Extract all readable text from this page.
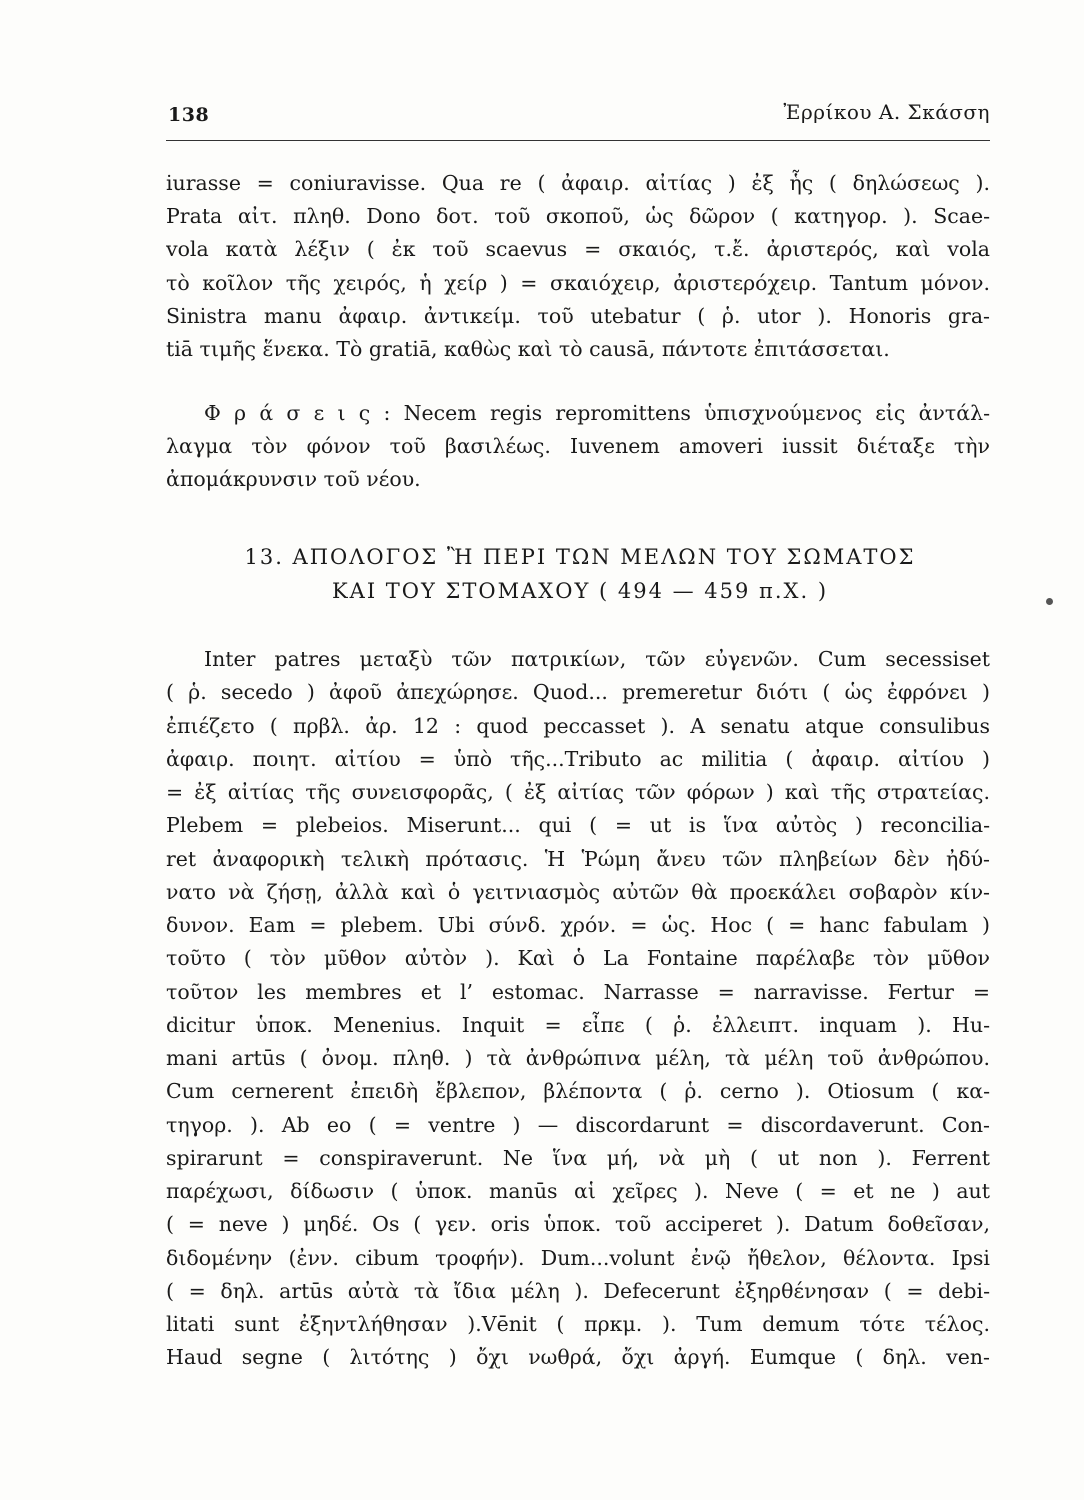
138	Ἐρρίκου Α. Σκάσση
iurasse = coniuravisse. Qua re ( ἀφαιρ. αἰτίας ) ἐξ ἧς ( δηλώσεως ).
Prata αἰτ. πληθ. Dono δοτ. τοῦ σκοποῦ, ὡς δῶρον ( κατηγορ. ). Scae-
vola κατὰ λέξιν ( ἐκ τοῦ scaevus = σκαιός, τ.ἔ. ἀριστερός, καὶ vola
τὸ κοῖλον τῆς χειρός, ἡ χείρ ) = σκαιόχειρ, ἀριστερόχειρ. Tantum μόνον.
Sinistra manu ἀφαιρ. ἀντικείμ. τοῦ utebatur ( ῥ. utor ). Honoris gra-
tiā τιμῆς ἕνεκα. Τὸ gratiā, καθὼς καὶ τὸ causā, πάντοτε ἐπιτάσσεται.
Φ ρ ά σ ε ι ς : Necem regis repromittens ὑπισχνούμενος εἰς ἀντάλ-
λαγμα τὸν φόνον τοῦ βασιλέως. Iuvenem amoveri iussit διέταξε τὴν
ἀπομάκρυνσιν τοῦ νέου.
13. ΑΠΟΛΟΓΟΣ Ἢ ΠΕΡΙ ΤΩΝ ΜΕΛΩΝ ΤΟΥ ΣΩΜΑΤΟΣ
ΚΑΙ ΤΟΥ ΣΤΟΜΑΧΟΥ ( 494 — 459 π.Χ. )
Inter patres μεταξὺ τῶν πατρικίων, τῶν εὐγενῶν. Cum secessiset
( ῥ. secedo ) ἀφοῦ ἀπεχώρησε. Quod... premeretur διότι ( ὡς ἐφρόνει )
ἐπιέζετο ( πρβλ. ἀρ. 12 : quod peccasset ). A senatu atque consulibus
ἀφαιρ. ποιητ. αἰτίου = ὑπὸ τῆς...Tributo ac militia ( ἀφαιρ. αἰτίου )
= ἐξ αἰτίας τῆς συνεισφορᾶς, ( ἐξ αἰτίας τῶν φόρων ) καὶ τῆς στρατείας.
Plebem = plebeios. Miserunt... qui ( = ut is ἵνα αὐτὸς ) reconcilia-
ret ἀναφορικὴ τελικὴ πρότασις. Ἡ Ῥώμη ἄνευ τῶν πληβείων δὲν ἠδύ-
νατο νὰ ζήσῃ, ἀλλὰ καὶ ὁ γειτνιασμὸς αὐτῶν θὰ προεκάλει σοβαρὸν κίν-
δυνον. Eam = plebem. Ubi σύνδ. χρόν. = ὡς. Hoc ( = hanc fabulam )
τοῦτο ( τὸν μῦθον αὐτὸν ). Καὶ ὁ La Fontaine παρέλαβε τὸν μῦθον
τοῦτον les membres et l’ estomac. Narrasse = narravisse. Fertur =
dicitur ὑποκ. Menenius. Inquit = εἶπε ( ῥ. ἐλλειπτ. inquam ). Hu-
mani artūs ( ὀνομ. πληθ. ) τὰ ἀνθρώπινα μέλη, τὰ μέλη τοῦ ἀνθρώπου.
Cum cernerent ἐπειδὴ ἔβλεπον, βλέποντα ( ῥ. cerno ). Otiosum ( κα-
τηγορ. ). Ab eo ( = ventre ) — discordarunt = discordaverunt. Con-
spirarunt = conspiraverunt. Ne ἵνα μή, νὰ μὴ ( ut non ). Ferrent
παρέχωσι, δίδωσιν ( ὑποκ. manūs αἱ χεῖρες ). Neve ( = et ne ) aut
( = neve ) μηδέ. Os ( γεν. oris ὑποκ. τοῦ acciperet ). Datum δοθεῖσαν,
διδομένην (ἐνν. cibum τροφήν). Dum...volunt ἐνῷ ἤθελον, θέλοντα. Ipsi
( = δηλ. artūs αὐτὰ τὰ ἴδια μέλη ). Defecerunt ἐξηρθένησαν ( = debi-
litati sunt ἐξηντλήθησαν ).Vēnit ( πρκμ. ). Tum demum τότε τέλος.
Haud segne ( λιτότης ) ὄχι νωθρά, ὄχι ἀργή. Eumque ( δηλ. ven-
